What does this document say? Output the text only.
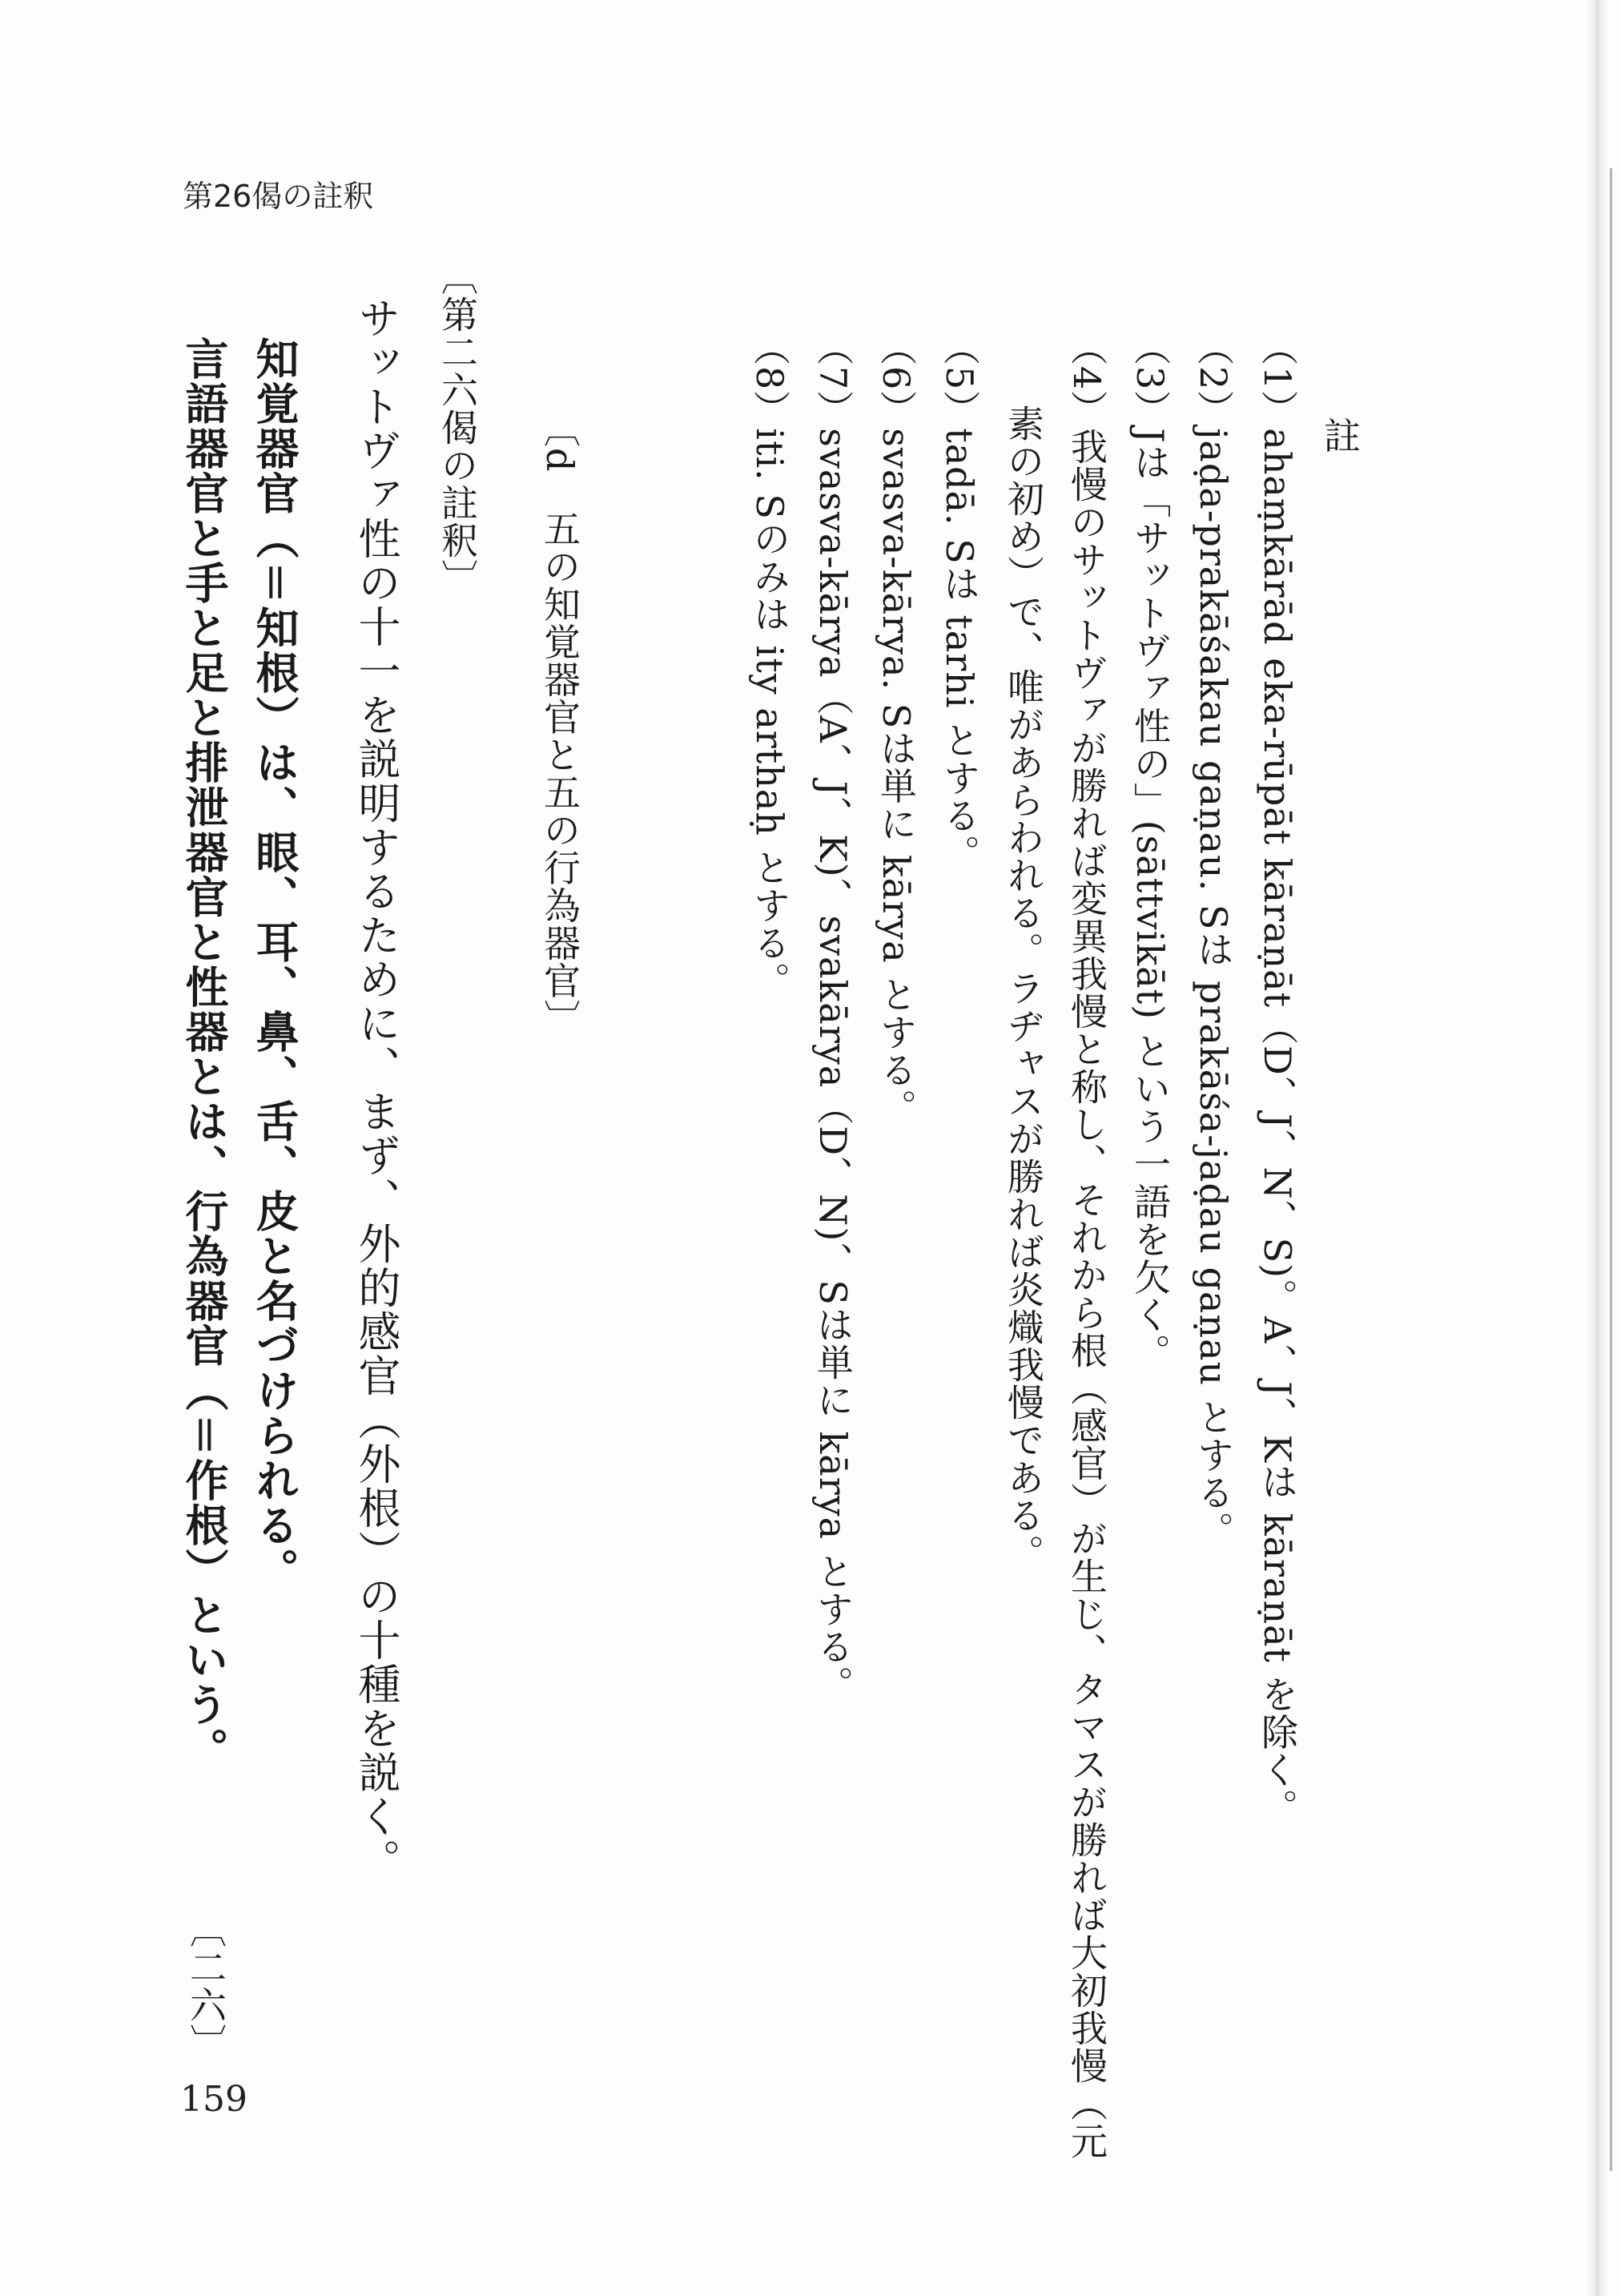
第26偈の註釈
註
（1）ahaṃkārād eka-rūpāt kāraṇāt（D、J、N、S)。A、J、Kは kāraṇāt を除く。
（2）jaḍa-prakāśakau gaṇau. Sは prakāśa-jaḍau gaṇau とする。
（3）Jは「サットヴァ性の」(sāttvikāt) という一語を欠く。
（4）我慢のサットヴァが勝れば変異我慢と称し、それから根（感官）が生じ、タマスが勝れば大初我慢（元
素の初め）で、唯があらわれる。ラヂャスが勝れば炎熾我慢である。
（5）tadā. Sは tarhi とする。
（6）svasva-kārya. Sは単に kārya とする。
（7）svasva-kārya（A、J、K)、svakārya（D、N)、Sは単に kārya とする。
（8）iti. Sのみは ity arthaḥ とする。
〔d　五の知覚器官と五の行為器官〕
〔第二六偈の註釈〕
サットヴァ性の十一を説明するために、まず、外的感官（外根）の十種を説く。
知覚器官（＝知根）は、眼、耳、鼻、舌、皮と名づけられる。
言語器官と手と足と排泄器官と性器とは、行為器官（＝作根）という。
〔二六〕
159
